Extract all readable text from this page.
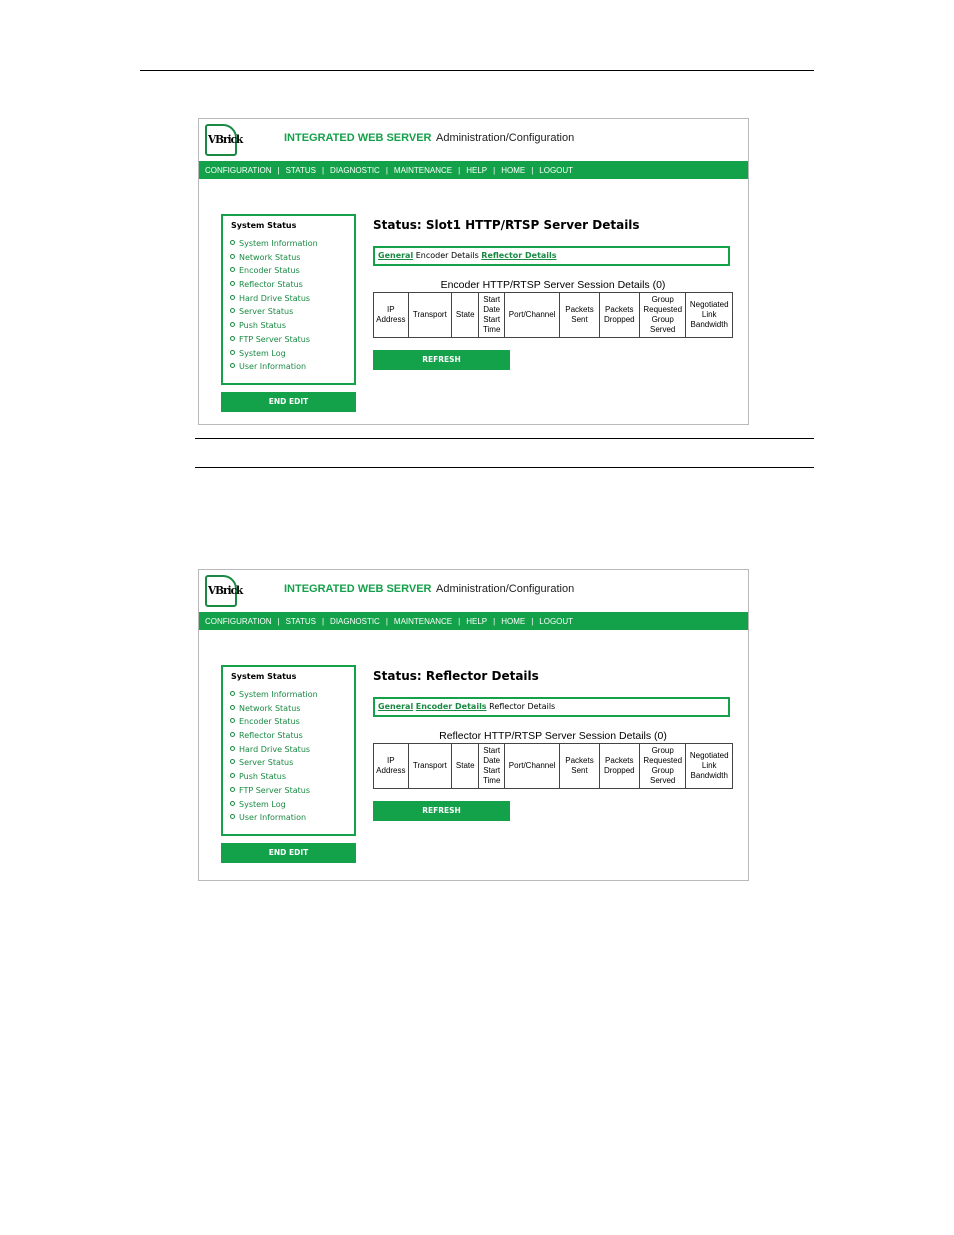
VBrick	INTEGRATED WEB SERVER Administration/Configuration
CONFIGURATION | STATUS | DIAGNOSTIC | MAINTENANCE | HELP | HOME | LOGOUT
System Status
System Information
Network Status
Encoder Status
Reflector Status
Hard Drive Status
Server Status
Push Status
FTP Server Status
System Log
User Information
END EDIT
Status: Slot1 HTTP/RTSP Server Details
General Encoder Details Reflector Details
Encoder HTTP/RTSP Server Session Details (0)
IP Address	Transport	State	Start Date Start Time	Port/Channel	Packets Sent	Packets Dropped	Group Requested Group Served	Negotiated Link Bandwidth
REFRESH
VBrick	INTEGRATED WEB SERVER Administration/Configuration
CONFIGURATION | STATUS | DIAGNOSTIC | MAINTENANCE | HELP | HOME | LOGOUT
System Status
System Information
Network Status
Encoder Status
Reflector Status
Hard Drive Status
Server Status
Push Status
FTP Server Status
System Log
User Information
END EDIT
Status: Reflector Details
General Encoder Details Reflector Details
Reflector HTTP/RTSP Server Session Details (0)
IP Address	Transport	State	Start Date Start Time	Port/Channel	Packets Sent	Packets Dropped	Group Requested Group Served	Negotiated Link Bandwidth
REFRESH
